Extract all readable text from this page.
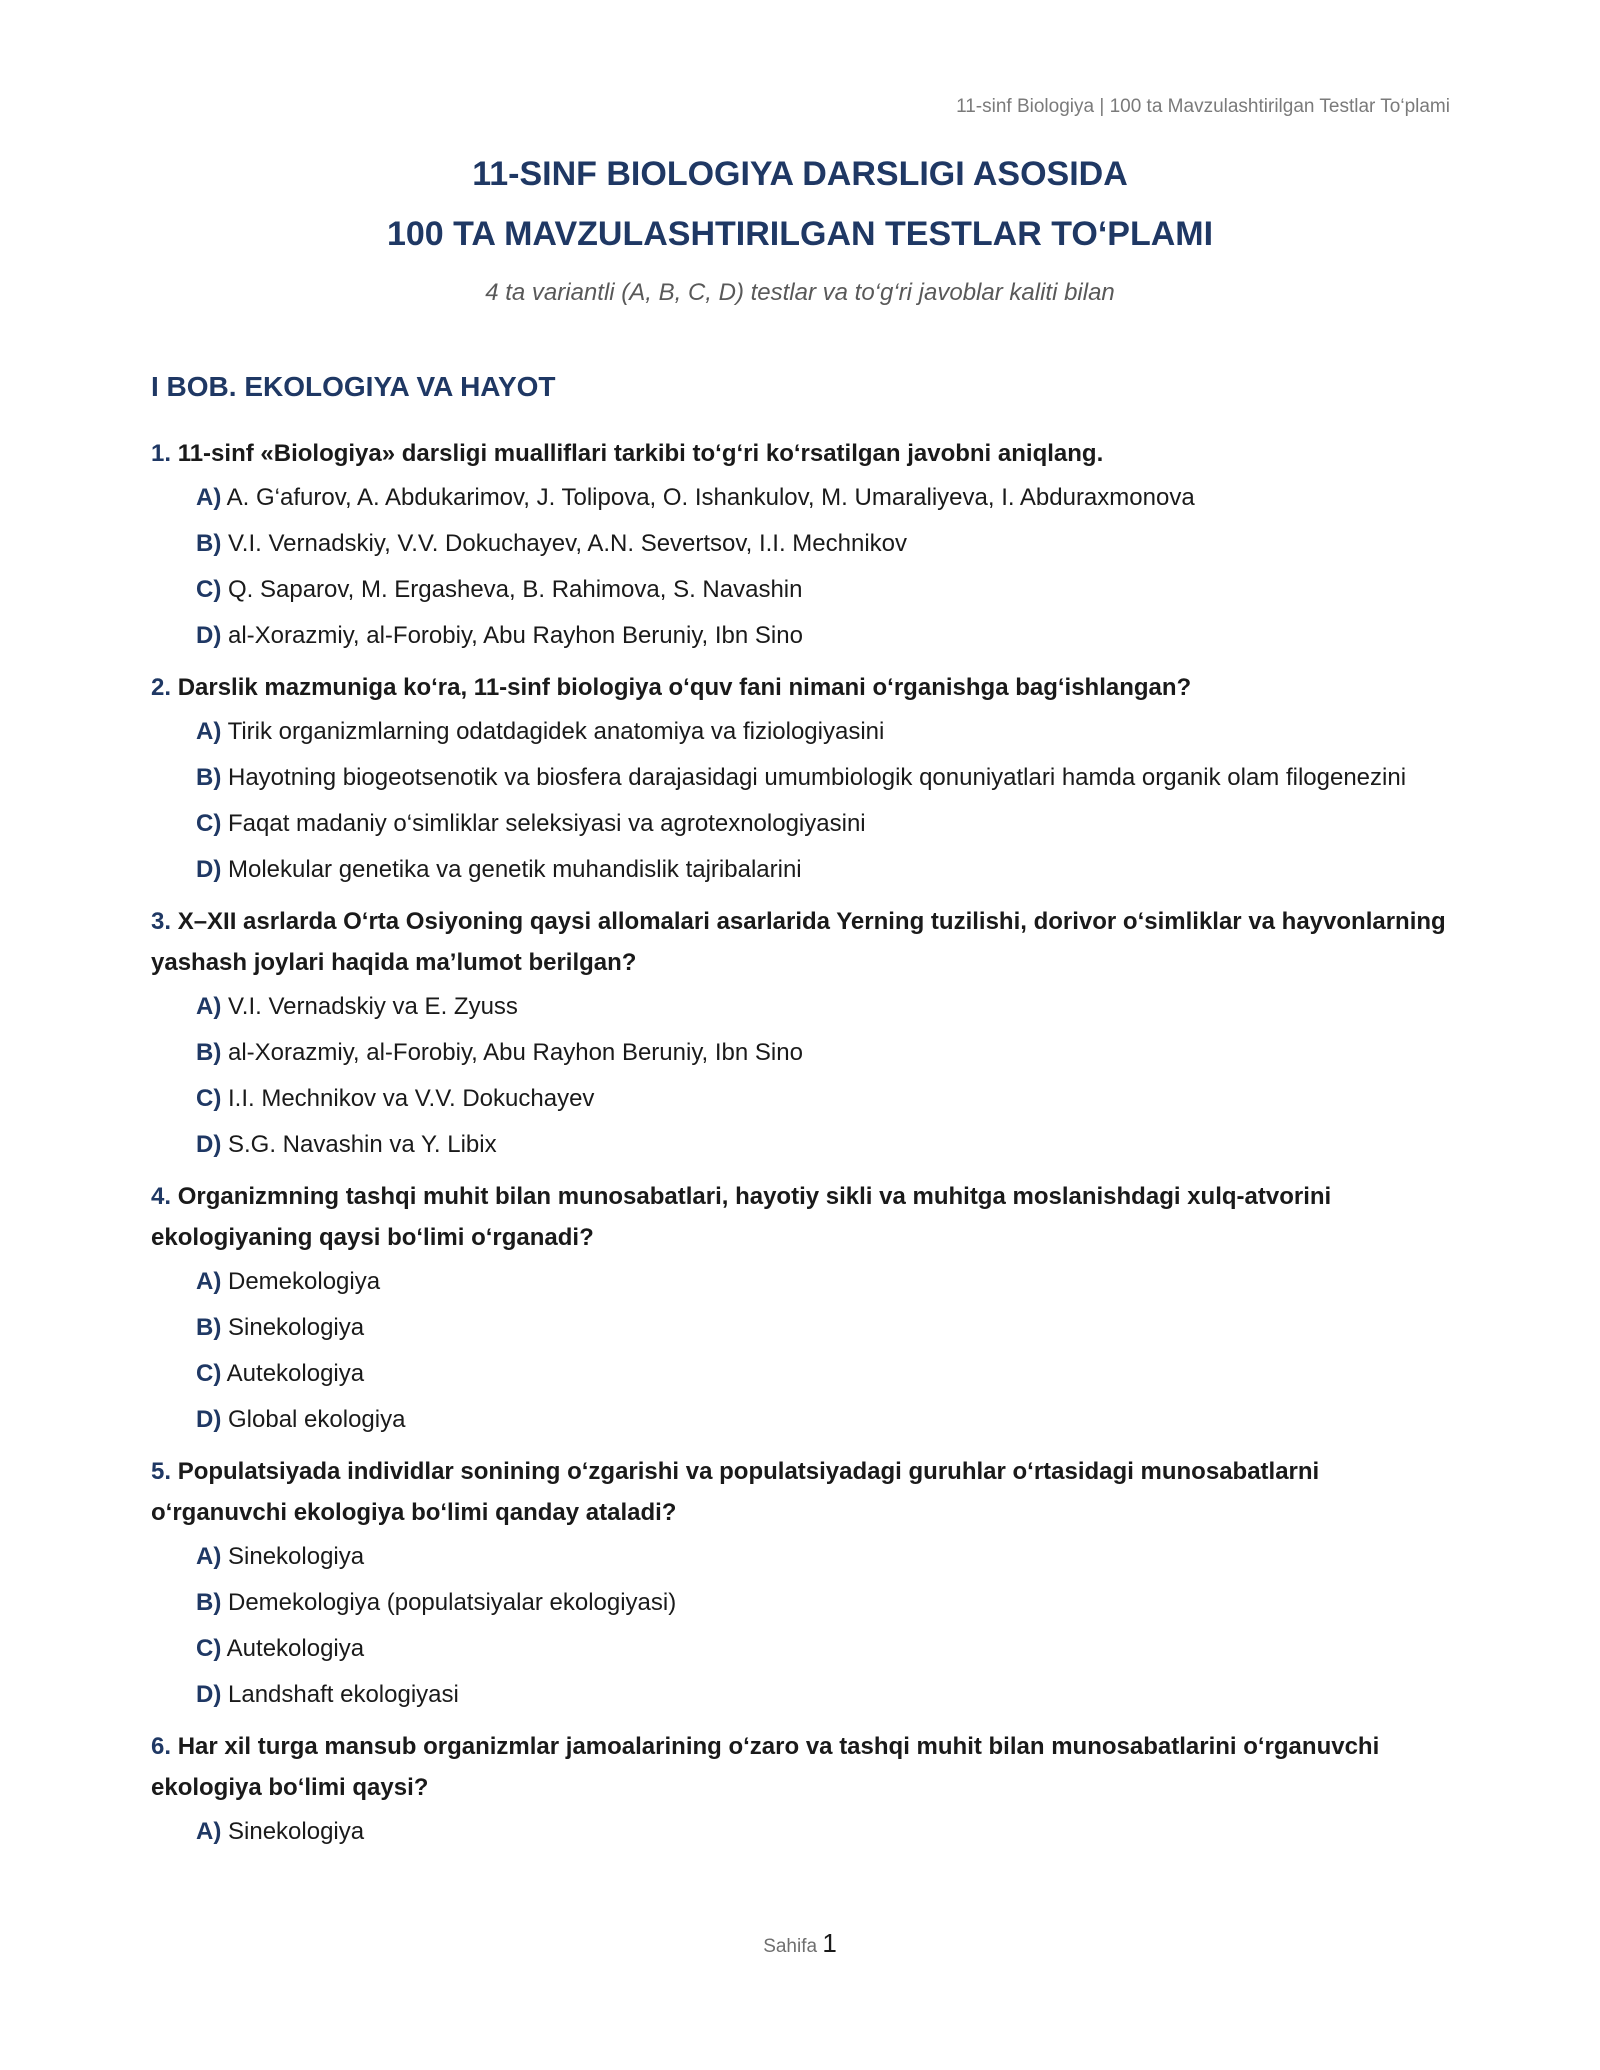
11-sinf Biologiya | 100 ta Mavzulashtirilgan Testlar To‘plami
11-SINF BIOLOGIYA DARSLIGI ASOSIDA
100 TA MAVZULASHTIRILGAN TESTLAR TO‘PLAMI
4 ta variantli (A, B, C, D) testlar va to‘g‘ri javoblar kaliti bilan
I BOB. EKOLOGIYA VA HAYOT
1. 11-sinf «Biologiya» darsligi mualliflari tarkibi to‘g‘ri ko‘rsatilgan javobni aniqlang.
A) A. G‘afurov, A. Abdukarimov, J. Tolipova, O. Ishankulov, M. Umaraliyeva, I. Abduraxmonova
B) V.I. Vernadskiy, V.V. Dokuchayev, A.N. Severtsov, I.I. Mechnikov
C) Q. Saparov, M. Ergasheva, B. Rahimova, S. Navashin
D) al-Xorazmiy, al-Forobiy, Abu Rayhon Beruniy, Ibn Sino
2. Darslik mazmuniga ko‘ra, 11-sinf biologiya o‘quv fani nimani o‘rganishga bag‘ishlangan?
A) Tirik organizmlarning odatdagidek anatomiya va fiziologiyasini
B) Hayotning biogeotsenotik va biosfera darajasidagi umumbiologik qonuniyatlari hamda organik olam filogenezini
C) Faqat madaniy o‘simliklar seleksiyasi va agrotexnologiyasini
D) Molekular genetika va genetik muhandislik tajribalarini
3. X–XII asrlarda O‘rta Osiyoning qaysi allomalari asarlarida Yerning tuzilishi, dorivor o‘simliklar va hayvonlarning yashash joylari haqida ma’lumot berilgan?
A) V.I. Vernadskiy va E. Zyuss
B) al-Xorazmiy, al-Forobiy, Abu Rayhon Beruniy, Ibn Sino
C) I.I. Mechnikov va V.V. Dokuchayev
D) S.G. Navashin va Y. Libix
4. Organizmning tashqi muhit bilan munosabatlari, hayotiy sikli va muhitga moslanishdagi xulq-atvorini ekologiyaning qaysi bo‘limi o‘rganadi?
A) Demekologiya
B) Sinekologiya
C) Autekologiya
D) Global ekologiya
5. Populatsiyada individlar sonining o‘zgarishi va populatsiyadagi guruhlar o‘rtasidagi munosabatlarni o‘rganuvchi ekologiya bo‘limi qanday ataladi?
A) Sinekologiya
B) Demekologiya (populatsiyalar ekologiyasi)
C) Autekologiya
D) Landshaft ekologiyasi
6. Har xil turga mansub organizmlar jamoalarining o‘zaro va tashqi muhit bilan munosabatlarini o‘rganuvchi ekologiya bo‘limi qaysi?
A) Sinekologiya
Sahifa 1
